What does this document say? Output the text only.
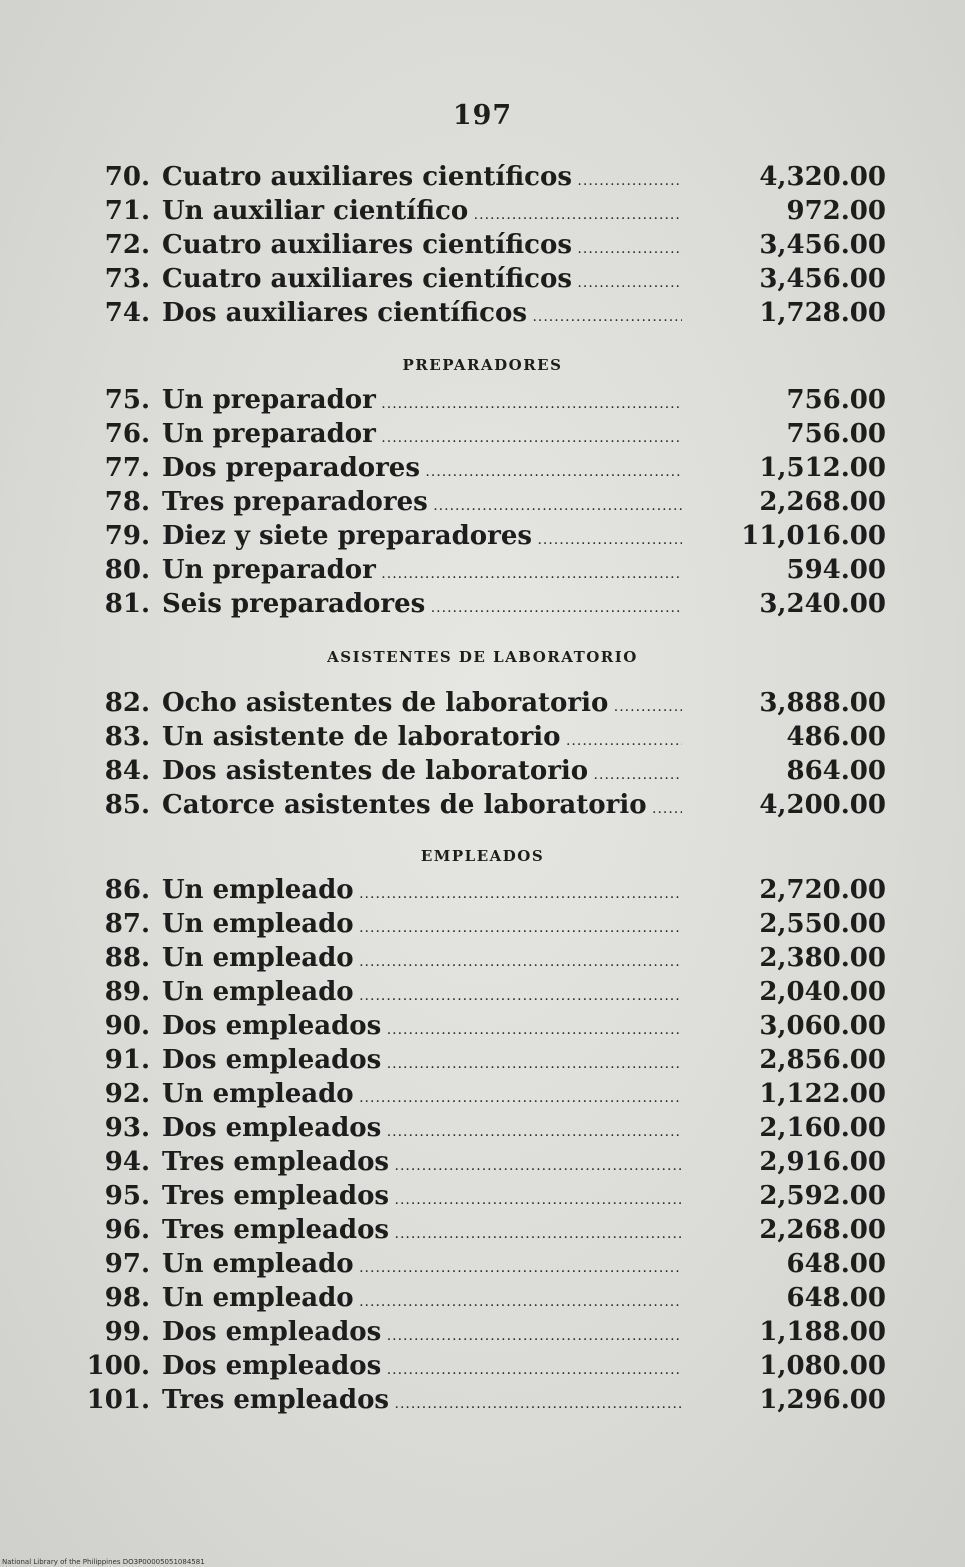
197
70. Cuatro auxiliares científicos .....	4,320.00
71. Un auxiliar científico .....	972.00
72. Cuatro auxiliares científicos .....	3,456.00
73. Cuatro auxiliares científicos .....	3,456.00
74. Dos auxiliares científicos .....	1,728.00
PREPARADORES
75. Un preparador .....	756.00
76. Un preparador .....	756.00
77. Dos preparadores .....	1,512.00
78. Tres preparadores .....	2,268.00
79. Diez y siete preparadores .....	11,016.00
80. Un preparador .....	594.00
81. Seis preparadores .....	3,240.00
ASISTENTES DE LABORATORIO
82. Ocho asistentes de laboratorio .....	3,888.00
83. Un asistente de laboratorio .....	486.00
84. Dos asistentes de laboratorio .....	864.00
85. Catorce asistentes de laboratorio .....	4,200.00
EMPLEADOS
86. Un empleado .....	2,720.00
87. Un empleado .....	2,550.00
88. Un empleado .....	2,380.00
89. Un empleado .....	2,040.00
90. Dos empleados .....	3,060.00
91. Dos empleados .....	2,856.00
92. Un empleado .....	1,122.00
93. Dos empleados .....	2,160.00
94. Tres empleados .....	2,916.00
95. Tres empleados .....	2,592.00
96. Tres empleados .....	2,268.00
97. Un empleado .....	648.00
98. Un empleado .....	648.00
99. Dos empleados .....	1,188.00
100. Dos empleados .....	1,080.00
101. Tres empleados .....	1,296.00
National Library of the Philippines DO3P00005051084581
